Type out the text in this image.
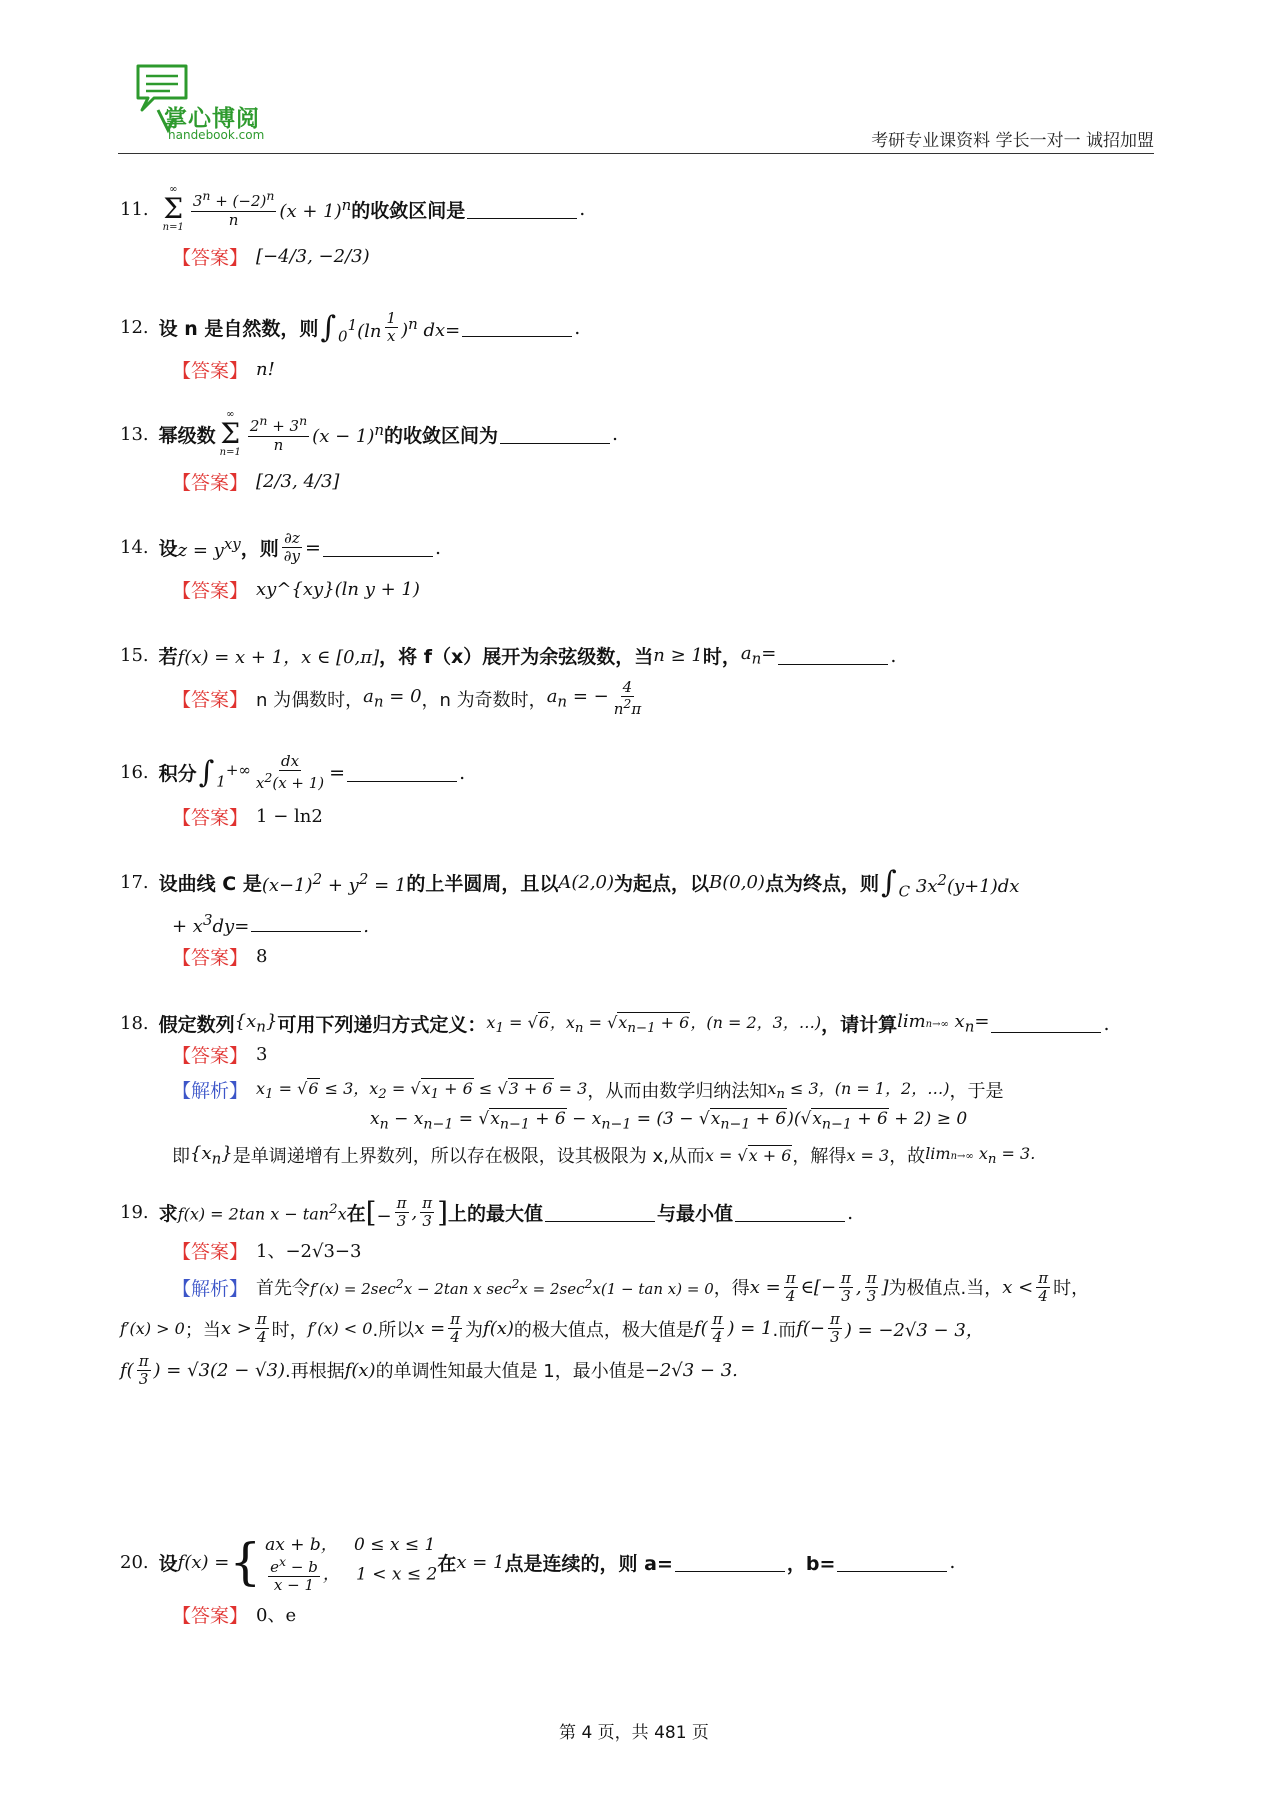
掌心博阅
handebook.com	考研专业课资料 学长一对一 诚招加盟
11.
∞
Σ
$n=1 \frac{3^n + (-2)^n}{n} (x + 1)^n$ 的收敛区间是	.
【答案】 [−4/3, −2/3)
12. 设 n 是自然数，则 ∫ $_0^1(\ln \frac{1}{x} )^n$ dx=	.
【答案】 n!
13. 幂级数
∞
Σ
$n=1 \frac{2^n + 3^n}{n} (x - 1)^n$ 的收敛区间为	.
【答案】 [2/3, 4/3]
14. 设 $z = y^{xy}$ ，则 $\frac{\partial z}{\partial y}$ =	.
【答案】 xy^{xy}(ln y + 1)
15. 若 f(x) = x + 1，x ∈ [0,π] ，将 f（x）展开为余弦级数，当 n ≥ 1 时， $a_n=$	.
【答案】 n 为偶数时， $a_n = 0$ ，n 为奇数时， $a_n$ = − $\frac{4}{n^2\pi}$
16. 积分 ∫ $_1^{+\infty} \frac{dx}{x^2(x + 1)}$ =	.
【答案】 1 − ln2
17. 设曲线 C 是 $(x-1)^2 + y^2 = 1$ 的上半圆周，且以 A(2,0) 为起点，以 B(0,0) 点为终点，则 ∫ $_C$ $3x^2(y+1)dx$
+ $x^3dy=$	.
【答案】 8
18. 假定数列 $\{x_n\}$ 可用下列递归方式定义： $x_1 = √6$，$x_n = √x_{n-1} + 6$，(n = 2，3，…) ，请计算 limn→∞ $x_n=$	.
【答案】 3
【解析】 $x_1 = √6 \le 3$，$x_2 = √x_1 + 6 \le √3 + 6 = 3$ ，从而由数学归纳法知 $x_n \le 3$，(n = 1，2，…) ，于是
$x_n - x_{n-1} = √x_{n-1} + 6 - x_{n-1} = (3 - √x_{n-1} + 6)(√x_{n-1} + 6 + 2) \ge 0$
即 $\{x_n\}$ 是单调递增有上界数列，所以存在极限，设其极限为 x,从而 x = √x + 6 ，解得 x = 3 ，故 limn→∞ $x_n = 3$.
19. 求 f(x) = 2tan $x - \tan^2x$ 在 [− $\frac{\pi}{3}$ , $\frac{\pi}{3}$ ] 上的最大值	与最小值	.
【答案】 1、−2√3−3
【解析】 首先令 $f'(x) = 2\sec^2x - 2\tan$ x $\sec^2x = 2\sec^2x(1 - \tan x) = 0$ ，得 $x = \frac{\pi}{4}$ ∈[− $\frac{\pi}{3}$ , $\frac{\pi}{3}$ ] 为极值点.当， $x < \frac{\pi}{4}$ 时，
f′(x) > 0 ；当 $x > \frac{\pi}{4}$ 时， f′(x) < 0 .所以 $x = \frac{\pi}{4}$ 为 f(x) 的极大值点，极大值是 $f( \frac{\pi}{4}$ ) = 1 .而 $f(- \frac{\pi}{3}$ ) = −2√3 − 3，
$f( \frac{\pi}{3}$ ) = √3(2 − √3) .再根据 f(x) 的单调性知最大值是 1，最小值是 −2√3 − 3.
20. 设 f(x) = { ax + b，   0 ≤ x ≤ 1
$\frac{e^x - b}{x - 1}$ ，   1 < x ≤ 2 在 x = 1 点是连续的，则 a=	，b=	.
【答案】 0、e
第 4 页，共 481 页
